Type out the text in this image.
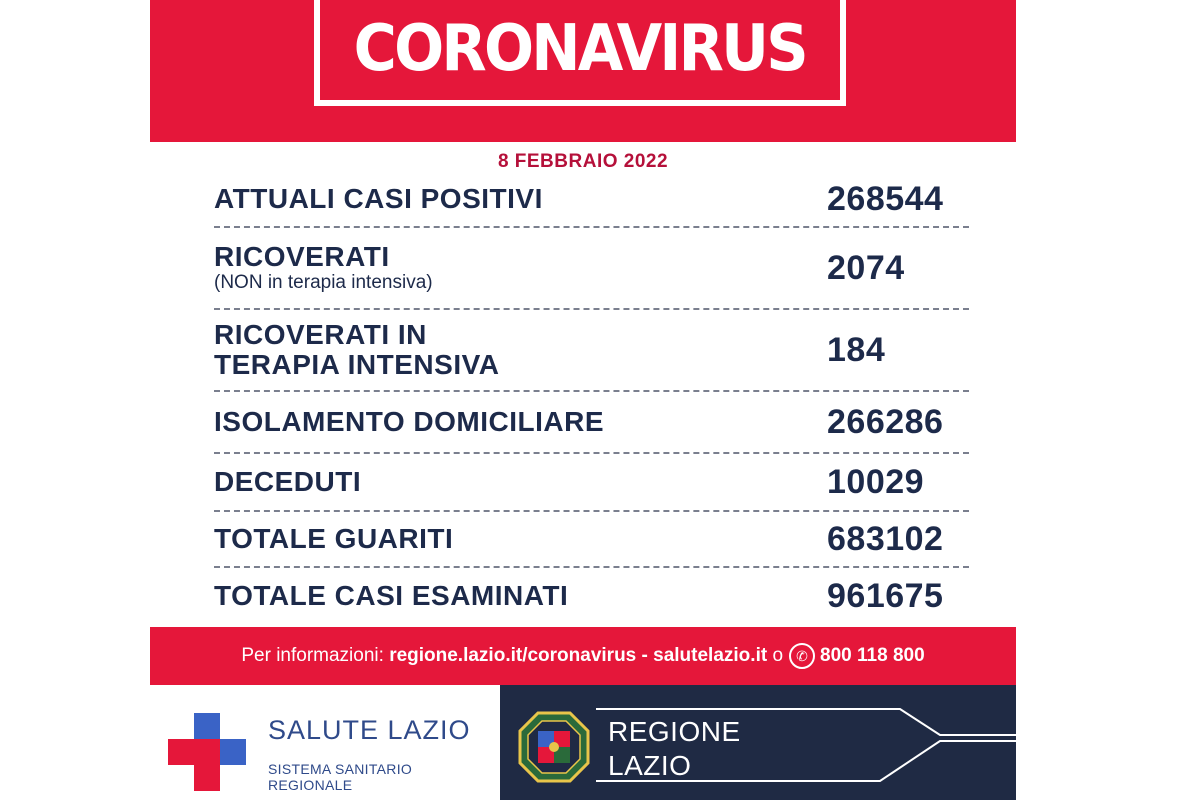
CORONAVIRUS
8 FEBBRAIO 2022
ATTUALI CASI POSITIVI	268544
RICOVERATI
(NON in terapia intensiva)	2074
RICOVERATI IN
TERAPIA INTENSIVA	184
ISOLAMENTO DOMICILIARE	266286
DECEDUTI	10029
TOTALE GUARITI	683102
TOTALE CASI ESAMINATI	961675
Per informazioni:
regione.lazio.it/coronavirus
-
salutelazio.it
o ✆ 800 118 800
SALUTE LAZIO
SISTEMA SANITARIO REGIONALE
REGIONE
LAZIO
